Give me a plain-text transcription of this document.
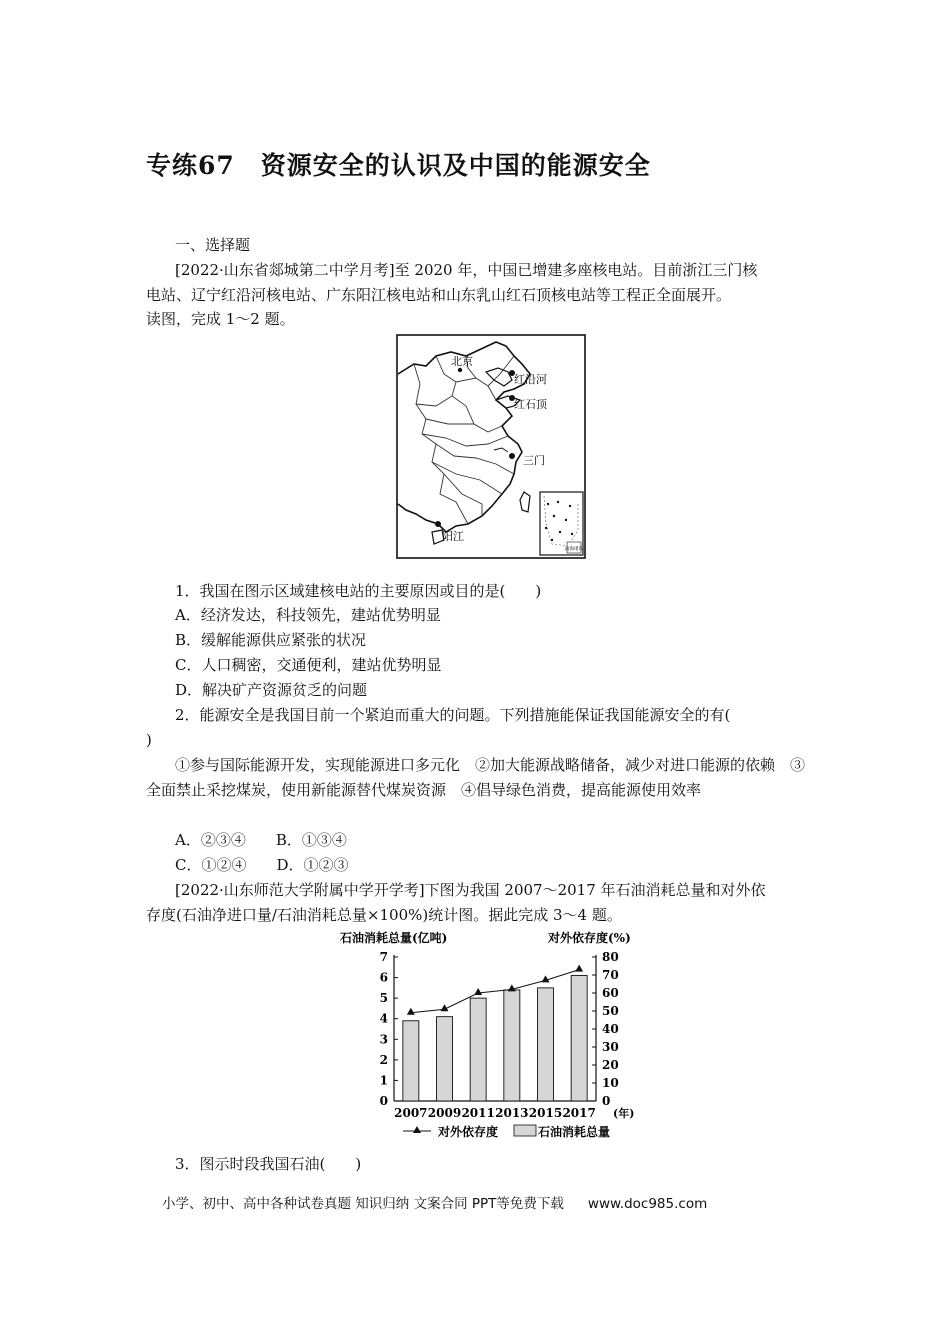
专练67　资源安全的认识及中国的能源安全
一、选择题
[2022·山东省郯城第二中学月考]至 2020 年，中国已增建多座核电站。目前浙江三门核
电站、辽宁红沿河核电站、广东阳江核电站和山东乳山红石顶核电站等工程正全面展开。
读图，完成 1～2 题。
北京
红沿河
红石顶
三门
阳江
南海诸岛
1．我国在图示区域建核电站的主要原因或目的是(　　)
A．经济发达，科技领先，建站优势明显
B．缓解能源供应紧张的状况
C．人口稠密，交通便利，建站优势明显
D．解决矿产资源贫乏的问题
2．能源安全是我国目前一个紧迫而重大的问题。下列措施能保证我国能源安全的有(
)
①参与国际能源开发，实现能源进口多元化　②加大能源战略储备，减少对进口能源的依赖　③全面禁止采挖煤炭，使用新能源替代煤炭资源　④倡导绿色消费，提高能源使用效率
A．②③④　　B．①③④
C．①②④　　D．①②③
[2022·山东师范大学附属中学开学考]下图为我国 2007～2017 年石油消耗总量和对外依
存度(石油净进口量/石油消耗总量×100%)统计图。据此完成 3～4 题。
石油消耗总量(亿吨)	对外依存度(%)
0
1
2
3
4
5
6
7
0
10
20
30
40
50
60
70
80
2007 2009 2011 2013 2015 2017 (年)
对外依存度	石油消耗总量
3．图示时段我国石油(　　)
小学、初中、高中各种试卷真题 知识归纳 文案合同 PPT等免费下载 www.doc985.com
